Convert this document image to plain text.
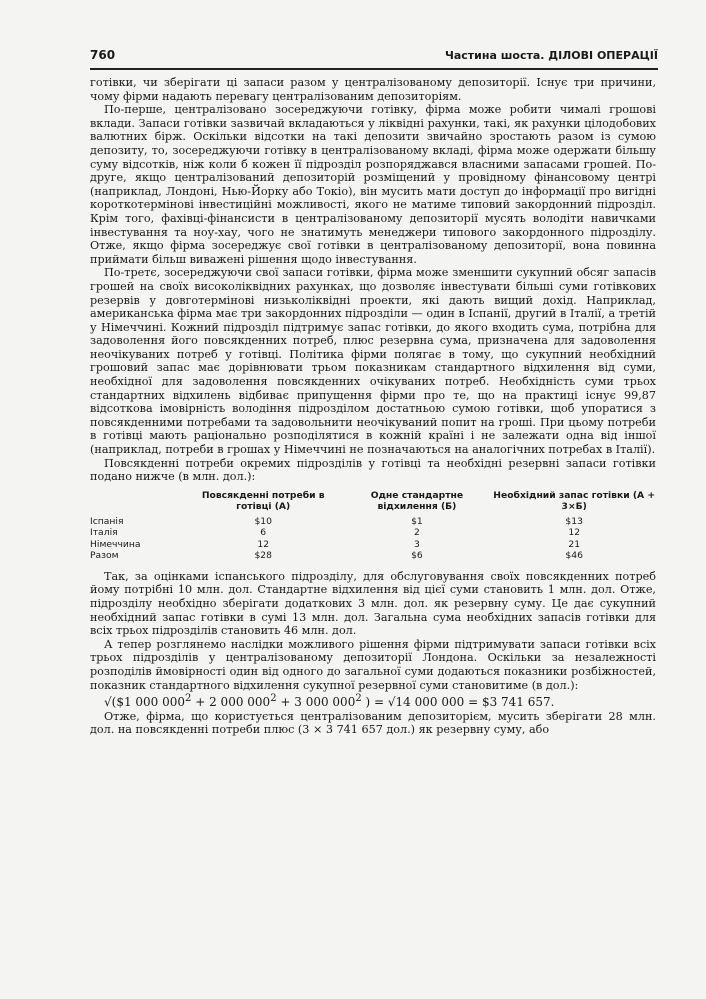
760	Частина шоста. ДІЛОВІ ОПЕРАЦІЇ

готівки, чи зберігати ці запаси разом у централізованому депозиторії. Існує три причини, чому фірми надають перевагу централізованим депозиторіям.

По-перше, централізовано зосереджуючи готівку, фірма може робити чималі грошові вклади. Запаси готівки зазвичай вкладаються у ліквідні рахунки, такі, як рахунки цілодобових валютних бірж. Оскільки відсотки на такі депозити звичайно зростають разом із сумою депозиту, то, зосереджуючи готівку в централізованому вкладі, фірма може одержати більшу суму відсотків, ніж коли б кожен її підрозділ розпоряджався власними запасами грошей. По-друге, якщо централізований депозиторій розміщений у провідному фінансовому центрі (наприклад, Лондоні, Нью-Йорку або Токіо), він мусить мати доступ до інформації про вигідні короткотермінові інвестиційні можливості, якого не матиме типовий закордонний підрозділ. Крім того, фахівці-фінансисти в централізованому депозиторії мусять володіти навичками інвестування та ноу-хау, чого не знатимуть менеджери типового закордонного підрозділу. Отже, якщо фірма зосереджує свої готівки в централізованому депозиторії, вона повинна приймати більш виважені рішення щодо інвестування.

По-третє, зосереджуючи свої запаси готівки, фірма може зменшити сукупний обсяг запасів грошей на своїх високоліквідних рахунках, що дозволяє інвестувати більші суми готівкових резервів у довготермінові низьколіквідні проекти, які дають вищий дохід. Наприклад, американська фірма має три закордонних підрозділи — один в Іспанії, другий в Італії, а третій у Німеччині. Кожний підрозділ підтримує запас готівки, до якого входить сума, потрібна для задоволення його повсякденних потреб, плюс резервна сума, призначена для задоволення неочікуваних потреб у готівці. Політика фірми полягає в тому, що сукупний необхідний грошовий запас має дорівнювати трьом показникам стандартного відхилення від суми, необхідної для задоволення повсякденних очікуваних потреб. Необхідність суми трьох стандартних відхилень відбиває припущення фірми про те, що на практиці існує 99,87 відсоткова імовірність володіння підрозділом достатньою сумою готівки, щоб упоратися з повсякденними потребами та задовольнити неочікуваний попит на гроші. При цьому потреби в готівці мають раціонально розподілятися в кожній країні і не залежати одна від іншої (наприклад, потреби в грошах у Німеччині не позначаються на аналогічних потребах в Італії).

Повсякденні потреби окремих підрозділів у готівці та необхідні резервні запаси готівки подано нижче (в млн. дол.):

	Повсякденні потреби в готівці (А)	Одне стандартне відхилення (Б)	Необхідний запас готівки (А + 3×Б)
Іспанія	$10	$1	$13
Італія	6	2	12
Німеччина	12	3	21
Разом	$28	$6	$46

Так, за оцінками іспанського підрозділу, для обслуговування своїх повсякденних потреб йому потрібні 10 млн. дол. Стандартне відхилення від цієї суми становить 1 млн. дол. Отже, підрозділу необхідно зберігати додаткових 3 млн. дол. як резервну суму. Це дає сукупний необхідний запас готівки в сумі 13 млн. дол. Загальна сума необхідних запасів готівки для всіх трьох підрозділів становить 46 млн. дол.

А тепер розглянемо наслідки можливого рішення фірми підтримувати запаси готівки всіх трьох підрозділів у централізованому депозиторії Лондона. Оскільки за незалежності розподілів ймовірності один від одного до загальної суми додаються показники розбіжностей, показник стандартного відхилення сукупної резервної суми становитиме (в дол.):

√($1 000 $000^2 + 2$ 000 $000^2 + 3$ 000 $000^2$ ) = √14 000 000 = $3 741 657.

Отже, фірма, що користується централізованим депозиторієм, мусить зберігати 28 млн. дол. на повсякденні потреби плюс (3 × 3 741 657 дол.) як резервну суму, або
